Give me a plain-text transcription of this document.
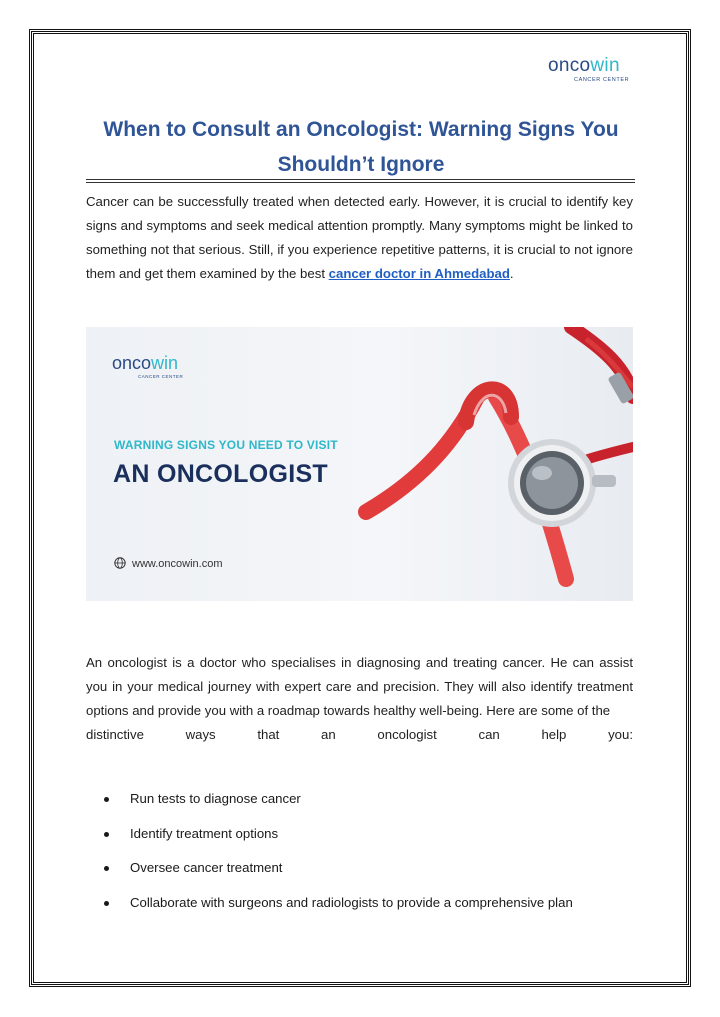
oncowin
CANCER CENTER
When to Consult an Oncologist: Warning Signs You Shouldn’t Ignore
Cancer can be successfully treated when detected early. However, it is crucial to identify key signs and symptoms and seek medical attention promptly. Many symptoms might be linked to something not that serious. Still, if you experience repetitive patterns, it is crucial to not ignore them and get them examined by the best cancer doctor in Ahmedabad.
oncowin
CANCER CENTER
WARNING SIGNS YOU NEED TO VISIT
AN ONCOLOGIST
www.oncowin.com
An oncologist is a doctor who specialises in diagnosing and treating cancer. He can assist you in your medical journey with expert care and precision. They will also identify treatment options and provide you with a roadmap towards healthy well-being. Here are some of the
distinctive ways that an oncologist can help you:
Run tests to diagnose cancer
Identify treatment options
Oversee cancer treatment
Collaborate with surgeons and radiologists to provide a comprehensive plan
